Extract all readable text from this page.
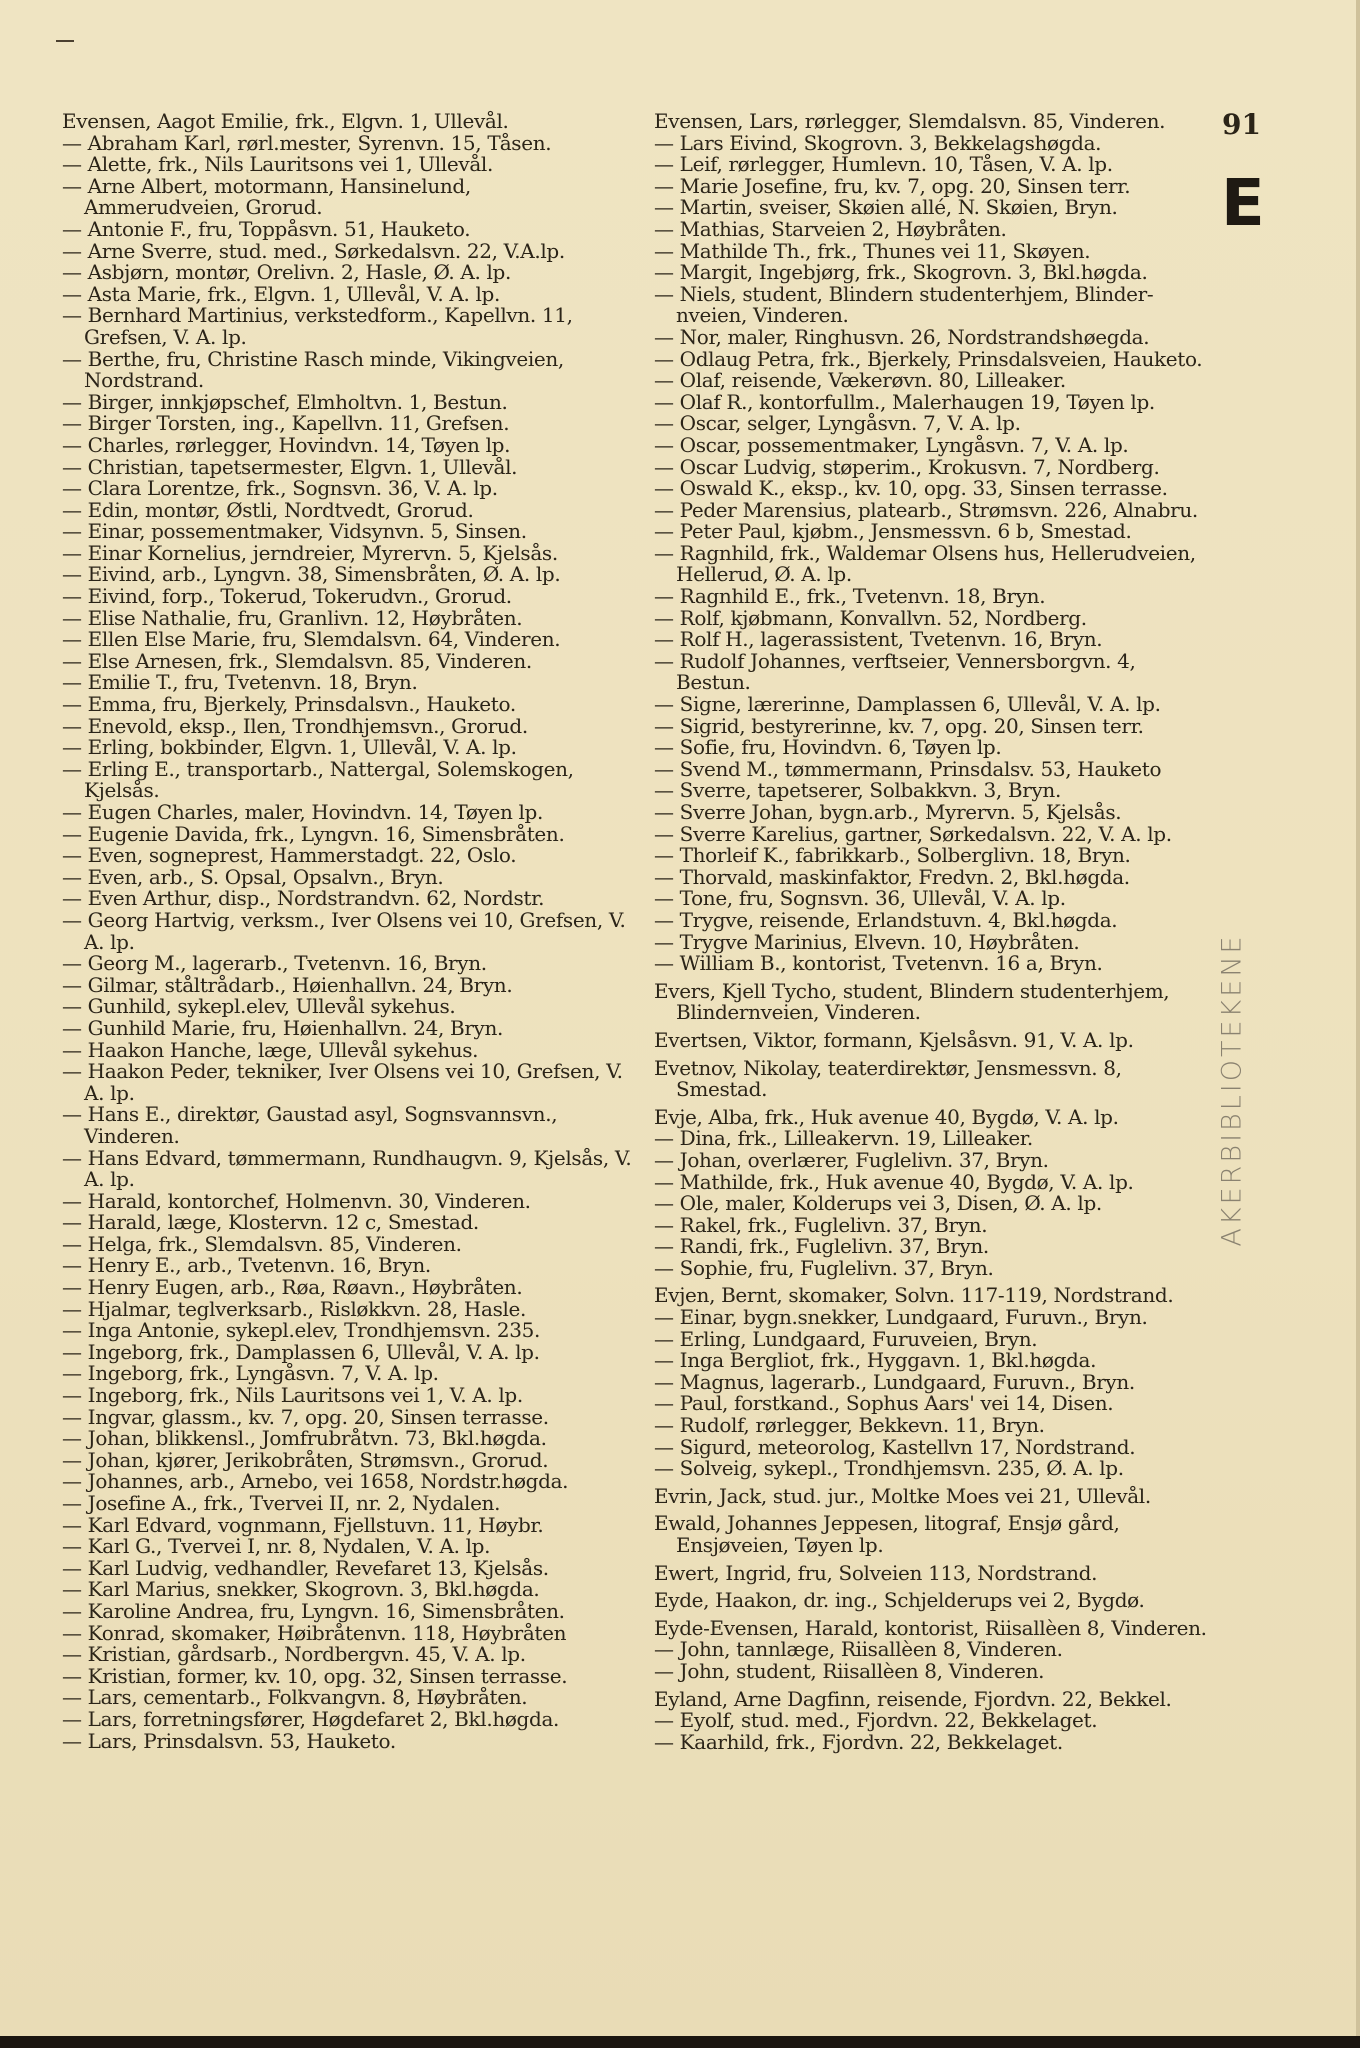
91
E
AKERBIBLIOTEKENE
Evensen, Aagot Emilie, frk., Elgvn. 1, Ullevål.
— Abraham Karl, rørl.mester, Syrenvn. 15, Tåsen.
— Alette, frk., Nils Lauritsons vei 1, Ullevål.
— Arne Albert, motormann, Hansinelund, Ammerudveien, Grorud.
— Antonie F., fru, Toppåsvn. 51, Hauketo.
— Arne Sverre, stud. med., Sørkedalsvn. 22, V.A.lp.
— Asbjørn, montør, Orelivn. 2, Hasle, Ø. A. lp.
— Asta Marie, frk., Elgvn. 1, Ullevål, V. A. lp.
— Bernhard Martinius, verkstedform., Kapellvn. 11, Grefsen, V. A. lp.
— Berthe, fru, Christine Rasch minde, Vikingveien, Nordstrand.
— Birger, innkjøpschef, Elmholtvn. 1, Bestun.
— Birger Torsten, ing., Kapellvn. 11, Grefsen.
— Charles, rørlegger, Hovindvn. 14, Tøyen lp.
— Christian, tapetsermester, Elgvn. 1, Ullevål.
— Clara Lorentze, frk., Sognsvn. 36, V. A. lp.
— Edin, montør, Østli, Nordtvedt, Grorud.
— Einar, possementmaker, Vidsynvn. 5, Sinsen.
— Einar Kornelius, jerndreier, Myrervn. 5, Kjelsås.
— Eivind, arb., Lyngvn. 38, Simensbråten, Ø. A. lp.
— Eivind, forp., Tokerud, Tokerudvn., Grorud.
— Elise Nathalie, fru, Granlivn. 12, Høybråten.
— Ellen Else Marie, fru, Slemdalsvn. 64, Vinderen.
— Else Arnesen, frk., Slemdalsvn. 85, Vinderen.
— Emilie T., fru, Tvetenvn. 18, Bryn.
— Emma, fru, Bjerkely, Prinsdalsvn., Hauketo.
— Enevold, eksp., Ilen, Trondhjemsvn., Grorud.
— Erling, bokbinder, Elgvn. 1, Ullevål, V. A. lp.
— Erling E., transportarb., Nattergal, Solemskogen, Kjelsås.
— Eugen Charles, maler, Hovindvn. 14, Tøyen lp.
— Eugenie Davida, frk., Lyngvn. 16, Simensbråten.
— Even, sogneprest, Hammerstadgt. 22, Oslo.
— Even, arb., S. Opsal, Opsalvn., Bryn.
— Even Arthur, disp., Nordstrandvn. 62, Nordstr.
— Georg Hartvig, verksm., Iver Olsens vei 10, Grefsen, V. A. lp.
— Georg M., lagerarb., Tvetenvn. 16, Bryn.
— Gilmar, ståltrådarb., Høienhallvn. 24, Bryn.
— Gunhild, sykepl.elev, Ullevål sykehus.
— Gunhild Marie, fru, Høienhallvn. 24, Bryn.
— Haakon Hanche, læge, Ullevål sykehus.
— Haakon Peder, tekniker, Iver Olsens vei 10, Grefsen, V. A. lp.
— Hans E., direktør, Gaustad asyl, Sognsvannsvn., Vinderen.
— Hans Edvard, tømmermann, Rundhaugvn. 9, Kjelsås, V. A. lp.
— Harald, kontorchef, Holmenvn. 30, Vinderen.
— Harald, læge, Klostervn. 12 c, Smestad.
— Helga, frk., Slemdalsvn. 85, Vinderen.
— Henry E., arb., Tvetenvn. 16, Bryn.
— Henry Eugen, arb., Røa, Røavn., Høybråten.
— Hjalmar, teglverksarb., Risløkkvn. 28, Hasle.
— Inga Antonie, sykepl.elev, Trondhjemsvn. 235.
— Ingeborg, frk., Damplassen 6, Ullevål, V. A. lp.
— Ingeborg, frk., Lyngåsvn. 7, V. A. lp.
— Ingeborg, frk., Nils Lauritsons vei 1, V. A. lp.
— Ingvar, glassm., kv. 7, opg. 20, Sinsen terrasse.
— Johan, blikkensl., Jomfrubråtvn. 73, Bkl.høgda.
— Johan, kjører, Jerikobråten, Strømsvn., Grorud.
— Johannes, arb., Arnebo, vei 1658, Nordstr.høgda.
— Josefine A., frk., Tvervei II, nr. 2, Nydalen.
— Karl Edvard, vognmann, Fjellstuvn. 11, Høybr.
— Karl G., Tvervei I, nr. 8, Nydalen, V. A. lp.
— Karl Ludvig, vedhandler, Revefaret 13, Kjelsås.
— Karl Marius, snekker, Skogrovn. 3, Bkl.høgda.
— Karoline Andrea, fru, Lyngvn. 16, Simensbråten.
— Konrad, skomaker, Høibråtenvn. 118, Høybråten
— Kristian, gårdsarb., Nordbergvn. 45, V. A. lp.
— Kristian, former, kv. 10, opg. 32, Sinsen terrasse.
— Lars, cementarb., Folkvangvn. 8, Høybråten.
— Lars, forretningsfører, Høgdefaret 2, Bkl.høgda.
— Lars, Prinsdalsvn. 53, Hauketo.
Evensen, Lars, rørlegger, Slemdalsvn. 85, Vinderen.
— Lars Eivind, Skogrovn. 3, Bekkelagshøgda.
— Leif, rørlegger, Humlevn. 10, Tåsen, V. A. lp.
— Marie Josefine, fru, kv. 7, opg. 20, Sinsen terr.
— Martin, sveiser, Skøien allé, N. Skøien, Bryn.
— Mathias, Starveien 2, Høybråten.
— Mathilde Th., frk., Thunes vei 11, Skøyen.
— Margit, Ingebjørg, frk., Skogrovn. 3, Bkl.høgda.
— Niels, student, Blindern studenterhjem, Blindernveien, Vinderen.
— Nor, maler, Ringhusvn. 26, Nordstrandshøegda.
— Odlaug Petra, frk., Bjerkely, Prinsdalsveien, Hauketo.
— Olaf, reisende, Vækerøvn. 80, Lilleaker.
— Olaf R., kontorfullm., Malerhaugen 19, Tøyen lp.
— Oscar, selger, Lyngåsvn. 7, V. A. lp.
— Oscar, possementmaker, Lyngåsvn. 7, V. A. lp.
— Oscar Ludvig, støperim., Krokusvn. 7, Nordberg.
— Oswald K., eksp., kv. 10, opg. 33, Sinsen terrasse.
— Peder Marensius, platearb., Strømsvn. 226, Alnabru.
— Peter Paul, kjøbm., Jensmessvn. 6 b, Smestad.
— Ragnhild, frk., Waldemar Olsens hus, Hellerudveien, Hellerud, Ø. A. lp.
— Ragnhild E., frk., Tvetenvn. 18, Bryn.
— Rolf, kjøbmann, Konvallvn. 52, Nordberg.
— Rolf H., lagerassistent, Tvetenvn. 16, Bryn.
— Rudolf Johannes, verftseier, Vennersborgvn. 4, Bestun.
— Signe, lærerinne, Damplassen 6, Ullevål, V. A. lp.
— Sigrid, bestyrerinne, kv. 7, opg. 20, Sinsen terr.
— Sofie, fru, Hovindvn. 6, Tøyen lp.
— Svend M., tømmermann, Prinsdalsv. 53, Hauketo
— Sverre, tapetserer, Solbakkvn. 3, Bryn.
— Sverre Johan, bygn.arb., Myrervn. 5, Kjelsås.
— Sverre Karelius, gartner, Sørkedalsvn. 22, V. A. lp.
— Thorleif K., fabrikkarb., Solberglivn. 18, Bryn.
— Thorvald, maskinfaktor, Fredvn. 2, Bkl.høgda.
— Tone, fru, Sognsvn. 36, Ullevål, V. A. lp.
— Trygve, reisende, Erlandstuvn. 4, Bkl.høgda.
— Trygve Marinius, Elvevn. 10, Høybråten.
— William B., kontorist, Tvetenvn. 16 a, Bryn.
Evers, Kjell Tycho, student, Blindern studenterhjem, Blindernveien, Vinderen.
Evertsen, Viktor, formann, Kjelsåsvn. 91, V. A. lp.
Evetnov, Nikolay, teaterdirektør, Jensmessvn. 8, Smestad.
Evje, Alba, frk., Huk avenue 40, Bygdø, V. A. lp.
— Dina, frk., Lilleakervn. 19, Lilleaker.
— Johan, overlærer, Fuglelivn. 37, Bryn.
— Mathilde, frk., Huk avenue 40, Bygdø, V. A. lp.
— Ole, maler, Kolderups vei 3, Disen, Ø. A. lp.
— Rakel, frk., Fuglelivn. 37, Bryn.
— Randi, frk., Fuglelivn. 37, Bryn.
— Sophie, fru, Fuglelivn. 37, Bryn.
Evjen, Bernt, skomaker, Solvn. 117-119, Nordstrand.
— Einar, bygn.snekker, Lundgaard, Furuvn., Bryn.
— Erling, Lundgaard, Furuveien, Bryn.
— Inga Bergliot, frk., Hyggavn. 1, Bkl.høgda.
— Magnus, lagerarb., Lundgaard, Furuvn., Bryn.
— Paul, forstkand., Sophus Aars' vei 14, Disen.
— Rudolf, rørlegger, Bekkevn. 11, Bryn.
— Sigurd, meteorolog, Kastellvn 17, Nordstrand.
— Solveig, sykepl., Trondhjemsvn. 235, Ø. A. lp.
Evrin, Jack, stud. jur., Moltke Moes vei 21, Ullevål.
Ewald, Johannes Jeppesen, litograf, Ensjø gård, Ensjøveien, Tøyen lp.
Ewert, Ingrid, fru, Solveien 113, Nordstrand.
Eyde, Haakon, dr. ing., Schjelderups vei 2, Bygdø.
Eyde-Evensen, Harald, kontorist, Riisallèen 8, Vinderen.
— John, tannlæge, Riisallèen 8, Vinderen.
— John, student, Riisallèen 8, Vinderen.
Eyland, Arne Dagfinn, reisende, Fjordvn. 22, Bekkel.
— Eyolf, stud. med., Fjordvn. 22, Bekkelaget.
— Kaarhild, frk., Fjordvn. 22, Bekkelaget.
